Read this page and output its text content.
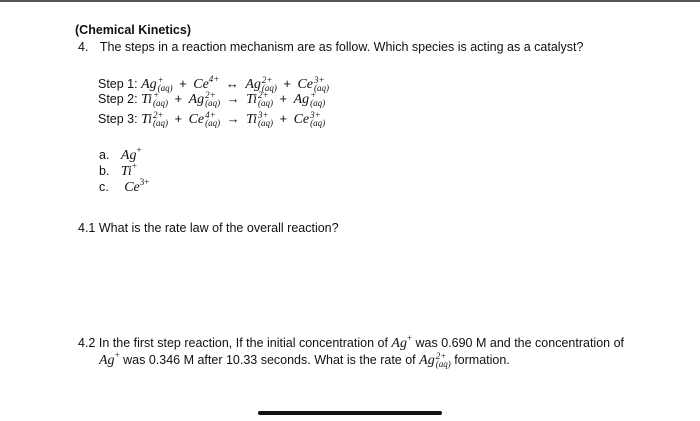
(Chemical Kinetics)
4. The steps in a reaction mechanism are as follow. Which species is acting as a catalyst?
Step 1: Ag +
$(aq) + Ce^{4+}$ ↔ Ag 2+
(aq) + Ce 3+
(aq)
Step 2: Ti +
(aq) + Ag 2+
(aq) → Ti 2+
(aq) + Ag +
(aq)
Step 3: Ti 2+
(aq) + Ce 4+
(aq) → Ti 3+
(aq) + Ce 3+
(aq)
a. Ag+
b. Ti+
c. $Ce^{3+}$
4.1 What is the rate law of the overall reaction?
4.2 In the first step reaction, If the initial concentration of Ag+ was 0.690 M and the concentration of
Ag+ was 0.346 M after 10.33 seconds. What is the rate of Ag 2+
(aq) formation.
